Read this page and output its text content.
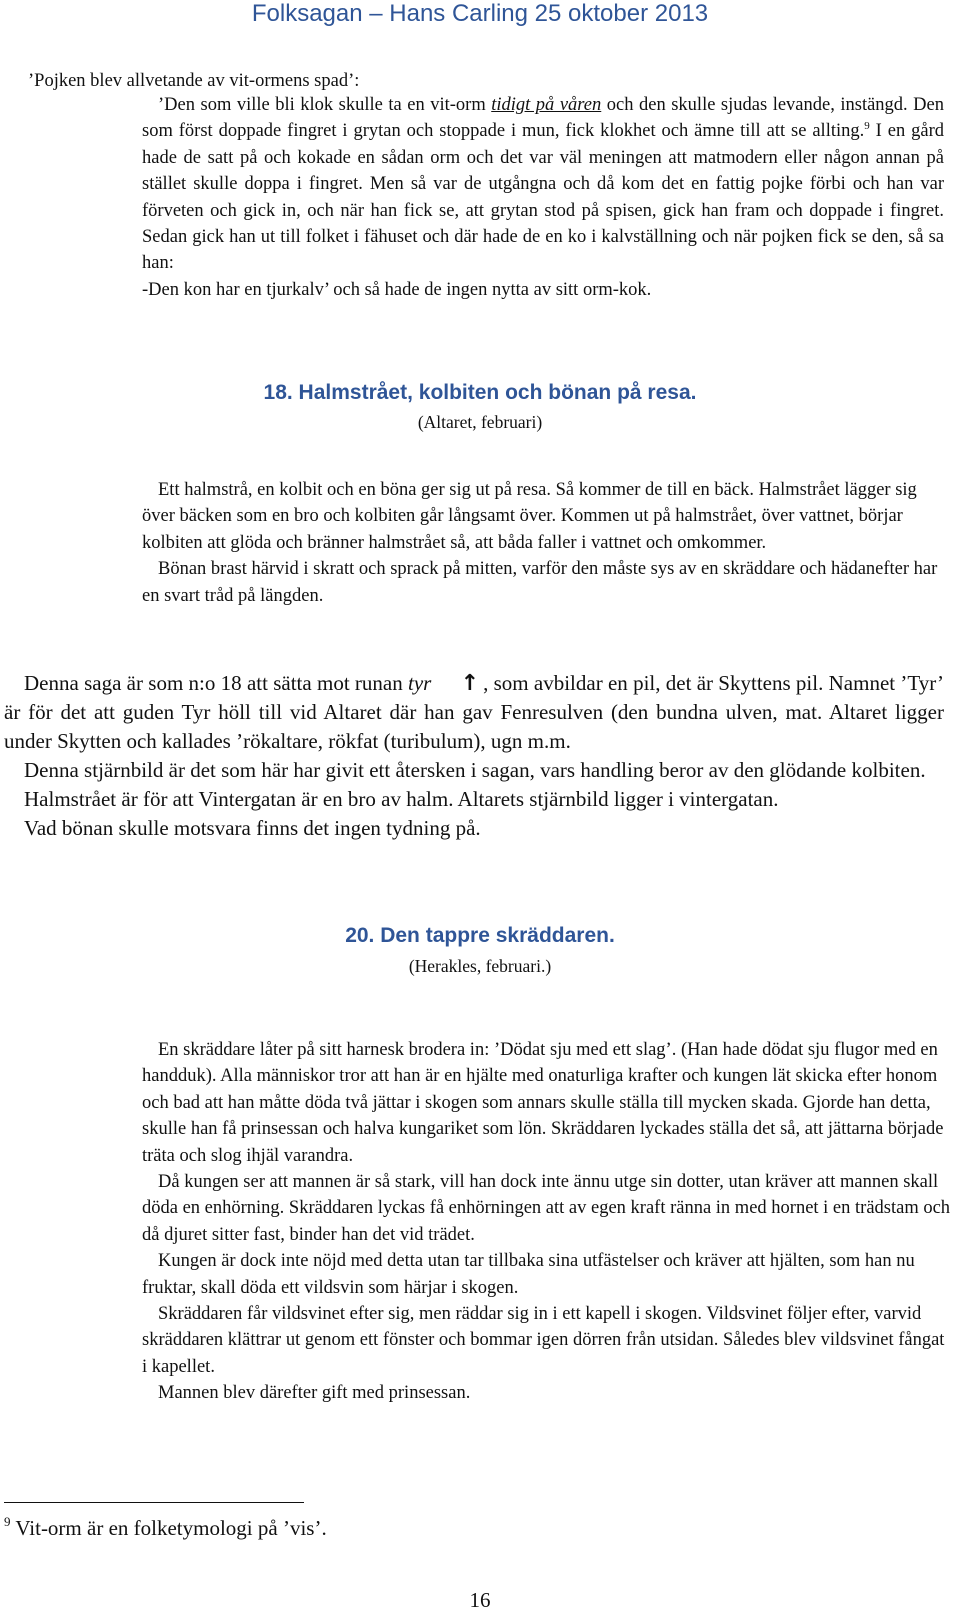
Folksagan – Hans Carling 25 oktober 2013
’Pojken blev allvetande av vit-ormens spad’:

’Den som ville bli klok skulle ta en vit-orm tidigt på våren och den skulle sjudas levande, instängd. Den som först doppade fingret i grytan och stoppade i mun, fick klokhet och ämne till att se allting.$^9$ I en gård hade de satt på och kokade en sådan orm och det var väl meningen att matmodern eller någon annan på stället skulle doppa i fingret. Men så var de utgångna och då kom det en fattig pojke förbi och han var förveten och gick in, och när han fick se, att grytan stod på spisen, gick han fram och doppade i fingret. Sedan gick han ut till folket i fähuset och där hade de en ko i kalvställning och när pojken fick se den, så sa han:

-Den kon har en tjurkalv’ och så hade de ingen nytta av sitt orm-kok.

18. Halmstrået, kolbiten och bönan på resa.
(Altaret, februari)

Ett halmstrå, en kolbit och en böna ger sig ut på resa. Så kommer de till en bäck. Halmstrået lägger sig över bäcken som en bro och kolbiten går långsamt över. Kommen ut på halmstrået, över vattnet, börjar kolbiten att glöda och bränner halmstrået så, att båda faller i vattnet och omkommer.

Bönan brast härvid i skratt och sprack på mitten, varför den måste sys av en skräddare och hädanefter har en svart tråd på längden.

Denna saga är som n:o 18 att sätta mot runan tyr ↑ , som avbildar en pil, det är Skyttens pil. Namnet ’Tyr’ är för det att guden Tyr höll till vid Altaret där han gav Fenresulven (den bundna ulven, mat. Altaret ligger under Skytten och kallades ’rökaltare, rökfat (turibulum), ugn m.m.

Denna stjärnbild är det som här har givit ett återsken i sagan, vars handling beror av den glödande kolbiten.

Halmstrået är för att Vintergatan är en bro av halm. Altarets stjärnbild ligger i vintergatan.

Vad bönan skulle motsvara finns det ingen tydning på.

20. Den tappre skräddaren.
(Herakles, februari.)

En skräddare låter på sitt harnesk brodera in: ’Dödat sju med ett slag’. (Han hade dödat sju flugor med en handduk). Alla människor tror att han är en hjälte med onaturliga krafter och kungen lät skicka efter honom och bad att han måtte döda två jättar i skogen som annars skulle ställa till mycken skada. Gjorde han detta, skulle han få prinsessan och halva kungariket som lön. Skräddaren lyckades ställa det så, att jättarna började träta och slog ihjäl varandra.

Då kungen ser att mannen är så stark, vill han dock inte ännu utge sin dotter, utan kräver att mannen skall döda en enhörning. Skräddaren lyckas få enhörningen att av egen kraft ränna in med hornet i en trädstam och då djuret sitter fast, binder han det vid trädet.

Kungen är dock inte nöjd med detta utan tar tillbaka sina utfästelser och kräver att hjälten, som han nu fruktar, skall döda ett vildsvin som härjar i skogen.

Skräddaren får vildsvinet efter sig, men räddar sig in i ett kapell i skogen. Vildsvinet följer efter, varvid skräddaren klättrar ut genom ett fönster och bommar igen dörren från utsidan. Således blev vildsvinet fångat i kapellet.

Mannen blev därefter gift med prinsessan.

$^9$ Vit-orm är en folketymologi på ’vis’.
16
